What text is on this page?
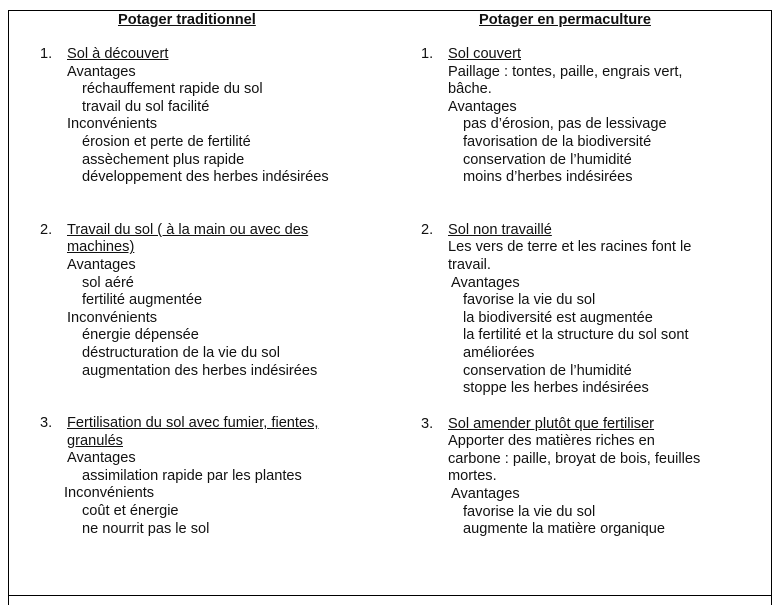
Potager traditionnel	Potager en permaculture
1. Sol à découvert
Avantages
réchauffement rapide du sol
travail du sol facilité
Inconvénients
érosion et perte de fertilité
assèchement plus rapide
développement des herbes indésirées
2. Travail du sol ( à la main ou avec des
machines)
Avantages
sol aéré
fertilité augmentée
Inconvénients
énergie dépensée
déstructuration de la vie du sol
augmentation des herbes indésirées
3. Fertilisation du sol avec fumier, fientes,
granulés
Avantages
assimilation rapide par les plantes
Inconvénients
coût et énergie
ne nourrit pas le sol
1. Sol couvert
Paillage : tontes, paille, engrais vert,
bâche.
Avantages
pas d’érosion, pas de lessivage
favorisation de la biodiversité
conservation de l’humidité
moins d’herbes indésirées
2. Sol non travaillé
Les vers de terre et les racines font le
travail.
Avantages
favorise la vie du sol
la biodiversité est augmentée
la fertilité et la structure du sol sont
améliorées
conservation de l’humidité
stoppe les herbes indésirées
3. Sol amender plutôt que fertiliser
Apporter des matières riches en
carbone : paille, broyat de bois, feuilles
mortes.
Avantages
favorise la vie du sol
augmente la matière organique
